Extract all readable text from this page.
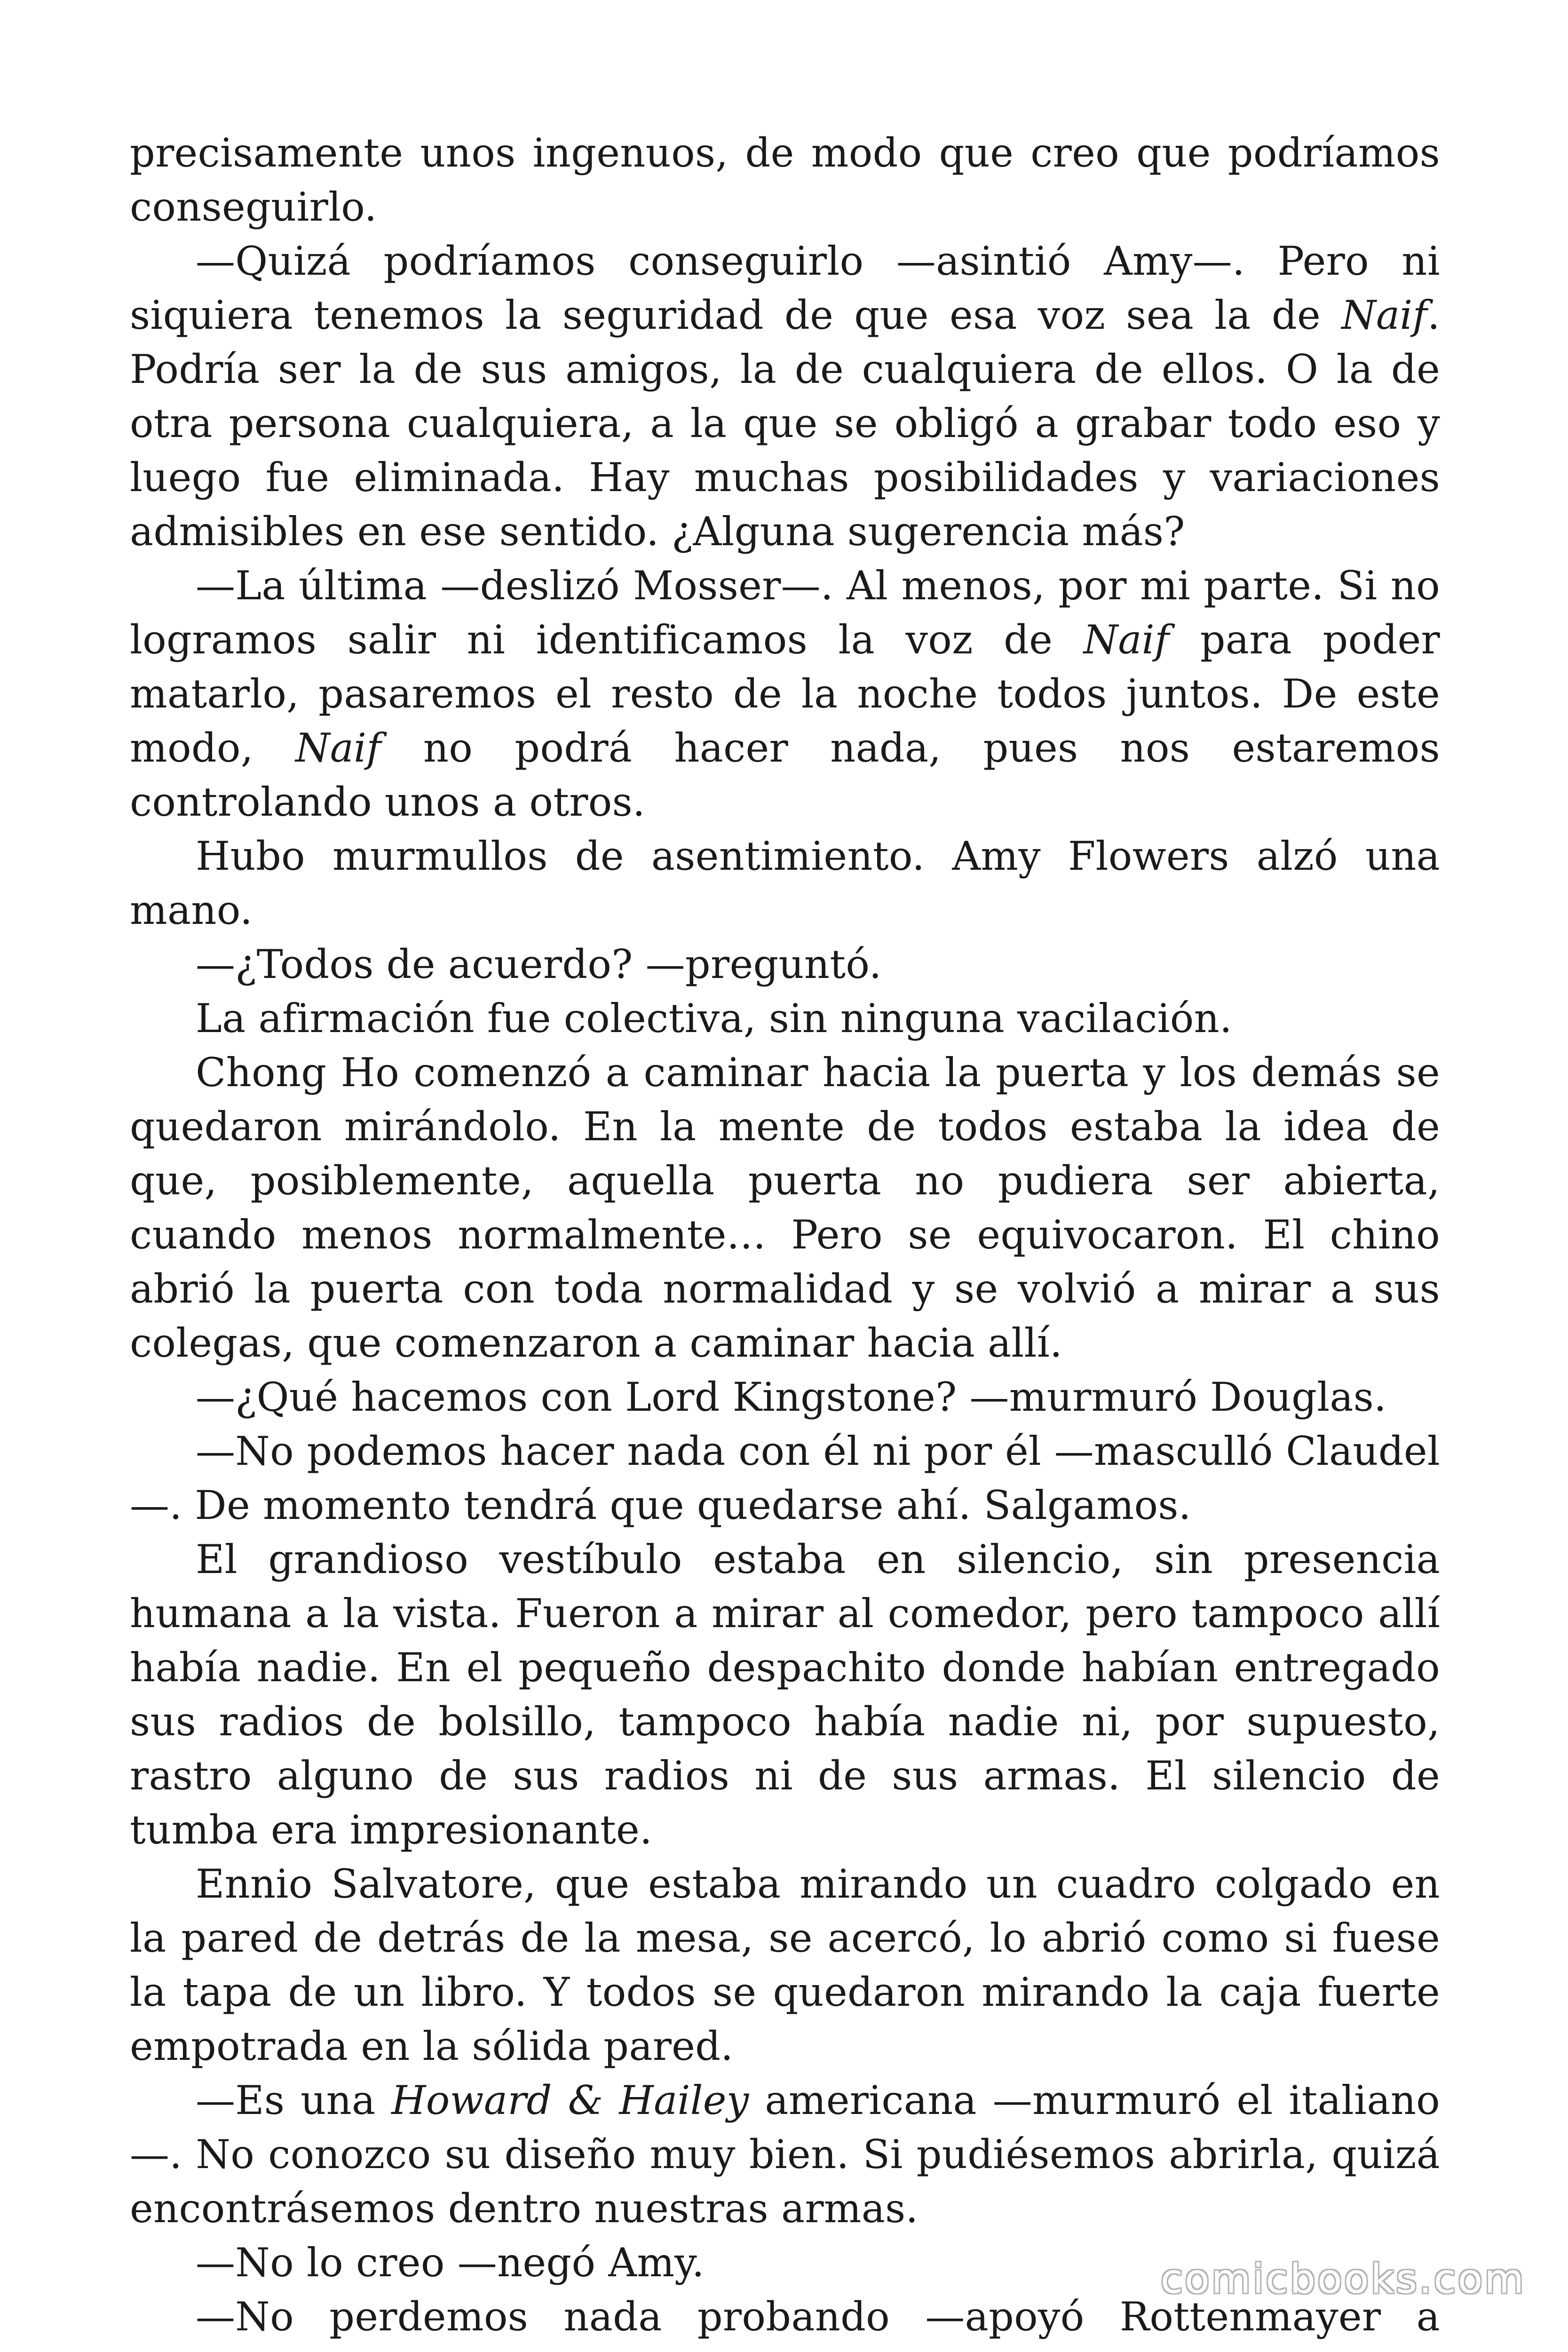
precisamente unos ingenuos, de modo que creo que podríamos conseguirlo.

—Quizá podríamos conseguirlo —asintió Amy—. Pero ni siquiera tenemos la seguridad de que esa voz sea la de Naif. Podría ser la de sus amigos, la de cualquiera de ellos. O la de otra persona cualquiera, a la que se obligó a grabar todo eso y luego fue eliminada. Hay muchas posibilidades y variaciones admisibles en ese sentido. ¿Alguna sugerencia más?

—La última —deslizó Mosser—. Al menos, por mi parte. Si no logramos salir ni identificamos la voz de Naif para poder matarlo, pasaremos el resto de la noche todos juntos. De este modo, Naif no podrá hacer nada, pues nos estaremos controlando unos a otros.

Hubo murmullos de asentimiento. Amy Flowers alzó una mano.

—¿Todos de acuerdo? —preguntó.

La afirmación fue colectiva, sin ninguna vacilación.

Chong Ho comenzó a caminar hacia la puerta y los demás se quedaron mirándolo. En la mente de todos estaba la idea de que, posiblemente, aquella puerta no pudiera ser abierta, cuando menos normalmente… Pero se equivocaron. El chino abrió la puerta con toda normalidad y se volvió a mirar a sus colegas, que comenzaron a caminar hacia allí.

—¿Qué hacemos con Lord Kingstone? —murmuró Douglas.

—No podemos hacer nada con él ni por él —mascullό Claudel—. De momento tendrá que quedarse ahí. Salgamos.

El grandioso vestíbulo estaba en silencio, sin presencia humana a la vista. Fueron a mirar al comedor, pero tampoco allí había nadie. En el pequeño despachito donde habían entregado sus radios de bolsillo, tampoco había nadie ni, por supuesto, rastro alguno de sus radios ni de sus armas. El silencio de tumba era impresionante.

Ennio Salvatore, que estaba mirando un cuadro colgado en la pared de detrás de la mesa, se acercó, lo abrió como si fuese la tapa de un libro. Y todos se quedaron mirando la caja fuerte empotrada en la sólida pared.

—Es una Howard & Hailey americana —murmuró el italiano—. No conozco su diseño muy bien. Si pudiésemos abrirla, quizá encontrásemos dentro nuestras armas.

—No lo creo —negó Amy.

—No perdemos nada probando —apoyó Rottenmayer a

comicbooks.com
